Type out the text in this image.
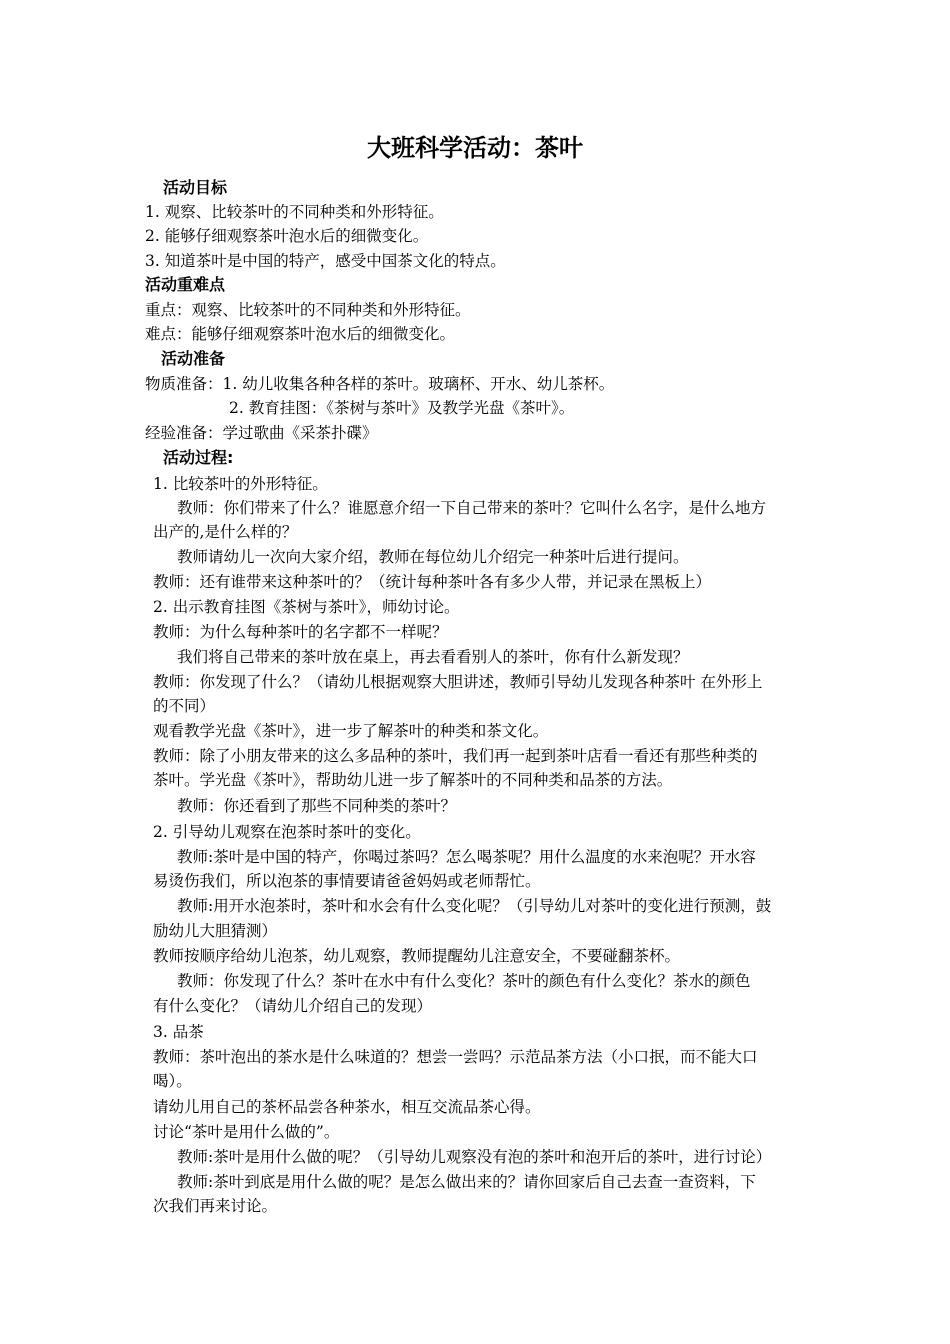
大班科学活动：茶叶
活动目标
1. 观察、比较茶叶的不同种类和外形特征。
2. 能够仔细观察茶叶泡水后的细微变化。
3. 知道茶叶是中国的特产，感受中国茶文化的特点。
活动重难点
重点：观察、比较茶叶的不同种类和外形特征。
难点：能够仔细观察茶叶泡水后的细微变化。
活动准备
物质准备：1. 幼儿收集各种各样的茶叶。玻璃杯、开水、幼儿茶杯。
2. 教育挂图：《茶树与茶叶》及教学光盘《茶叶》。
经验准备：学过歌曲《采茶扑碟》
活动过程:
1. 比较茶叶的外形特征。
教师：你们带来了什么？谁愿意介绍一下自己带来的茶叶？它叫什么名字，是什么地方
出产的,是什么样的？
教师请幼儿一次向大家介绍，教师在每位幼儿介绍完一种茶叶后进行提问。
教师：还有谁带来这种茶叶的？（统计每种茶叶各有多少人带，并记录在黑板上）
2. 出示教育挂图《茶树与茶叶》，师幼讨论。
教师：为什么每种茶叶的名字都不一样呢？
我们将自己带来的茶叶放在桌上，再去看看别人的茶叶，你有什么新发现？
教师：你发现了什么？（请幼儿根据观察大胆讲述，教师引导幼儿发现各种茶叶 在外形上
的不同）
观看教学光盘《茶叶》，进一步了解茶叶的种类和茶文化。
教师：除了小朋友带来的这么多品种的茶叶，我们再一起到茶叶店看一看还有那些种类的
茶叶。学光盘《茶叶》，帮助幼儿进一步了解茶叶的不同种类和品茶的方法。
教师：你还看到了那些不同种类的茶叶？
2. 引导幼儿观察在泡茶时茶叶的变化。
教师:茶叶是中国的特产，你喝过茶吗？怎么喝茶呢？用什么温度的水来泡呢？开水容
易烫伤我们，所以泡茶的事情要请爸爸妈妈或老师帮忙。
教师:用开水泡茶时，茶叶和水会有什么变化呢？（引导幼儿对茶叶的变化进行预测，鼓
励幼儿大胆猜测）
教师按顺序给幼儿泡茶，幼儿观察，教师提醒幼儿注意安全，不要碰翻茶杯。
教师：你发现了什么？茶叶在水中有什么变化？茶叶的颜色有什么变化？茶水的颜色
有什么变化？（请幼儿介绍自己的发现）
3. 品茶
教师：茶叶泡出的茶水是什么味道的？想尝一尝吗？示范品茶方法（小口抿，而不能大口
喝）。
请幼儿用自己的茶杯品尝各种茶水，相互交流品茶心得。
讨论“茶叶是用什么做的”。
教师:茶叶是用什么做的呢？（引导幼儿观察没有泡的茶叶和泡开后的茶叶，进行讨论）
教师:茶叶到底是用什么做的呢？是怎么做出来的？请你回家后自己去查一查资料，下
次我们再来讨论。
